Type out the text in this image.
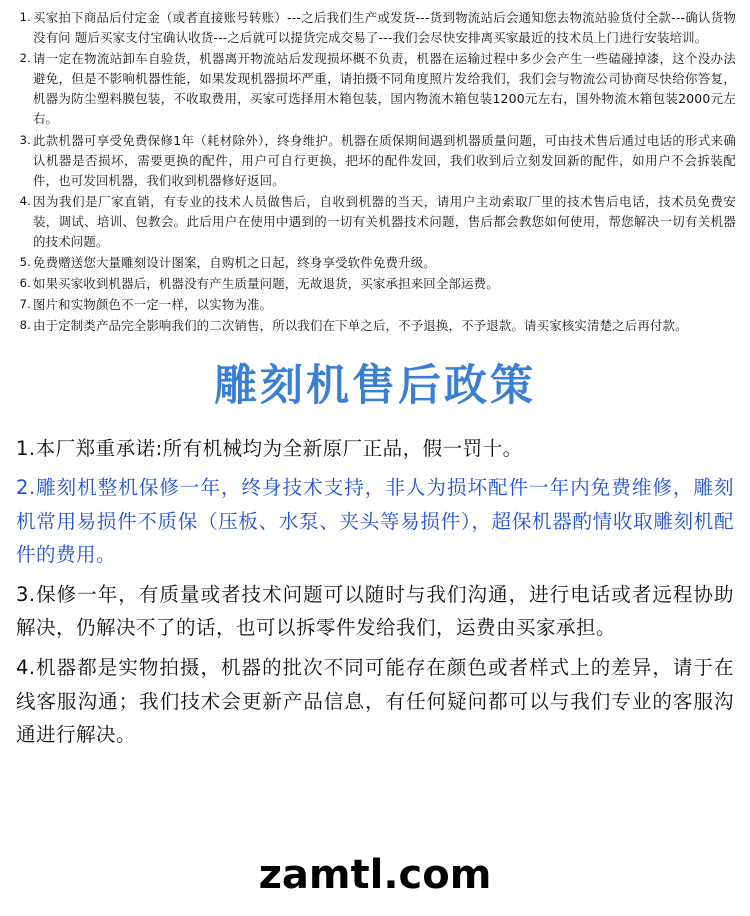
1. 买家拍下商品后付定金（或者直接账号转账）---之后我们生产或发货---货到物流站后会通知您去物流站验货付全款---确认货物没有问 题后买家支付宝确认收货---之后就可以提货完成交易了---我们会尽快安排离买家最近的技术员上门进行安装培训。
2. 请一定在物流站卸车自验货，机器离开物流站后发现损坏概不负责，机器在运输过程中多少会产生一些磕碰掉漆，这个没办法避免，但是不影响机器性能，如果发现机器损坏严重，请拍摄不同角度照片发给我们，我们会与物流公司协商尽快给你答复，机器为防尘塑料膜包装，不收取费用，买家可选择用木箱包装，国内物流木箱包装1200元左右，国外物流木箱包装2000元左右。
3. 此款机器可享受免费保修1年（耗材除外），终身维护。机器在质保期间遇到机器质量问题，可由技术售后通过电话的形式来确认机器是否损坏，需要更换的配件，用户可自行更换，把坏的配件发回，我们收到后立刻发回新的配件，如用户不会拆装配件，也可发回机器，我们收到机器修好返回。
4. 因为我们是厂家直销，有专业的技术人员做售后，自收到机器的当天，请用户主动索取厂里的技术售后电话，技术员免费安装，调试、培训、包教会。此后用户在使用中遇到的一切有关机器技术问题，售后都会教您如何使用，帮您解决一切有关机器的技术问题。
5. 免费赠送您大量雕刻设计图案，自购机之日起，终身享受软件免费升级。
6. 如果买家收到机器后，机器没有产生质量问题，无故退货，买家承担来回全部运费。
7. 图片和实物颜色不一定一样，以实物为准。
8. 由于定制类产品完全影响我们的二次销售，所以我们在下单之后，不予退换，不予退款。请买家核实清楚之后再付款。
雕刻机售后政策
1.本厂郑重承诺:所有机械均为全新原厂正品，假一罚十。
2.雕刻机整机保修一年，终身技术支持，非人为损坏配件一年内免费维修，雕刻机常用易损件不质保（压板、水泵、夹头等易损件），超保机器酌情收取雕刻机配件的费用。
3.保修一年，有质量或者技术问题可以随时与我们沟通，进行电话或者远程协助解决，仍解决不了的话，也可以拆零件发给我们，运费由买家承担。
4.机器都是实物拍摄，机器的批次不同可能存在颜色或者样式上的差异，请于在线客服沟通；我们技术会更新产品信息，有任何疑问都可以与我们专业的客服沟通进行解决。
zamtl.com
